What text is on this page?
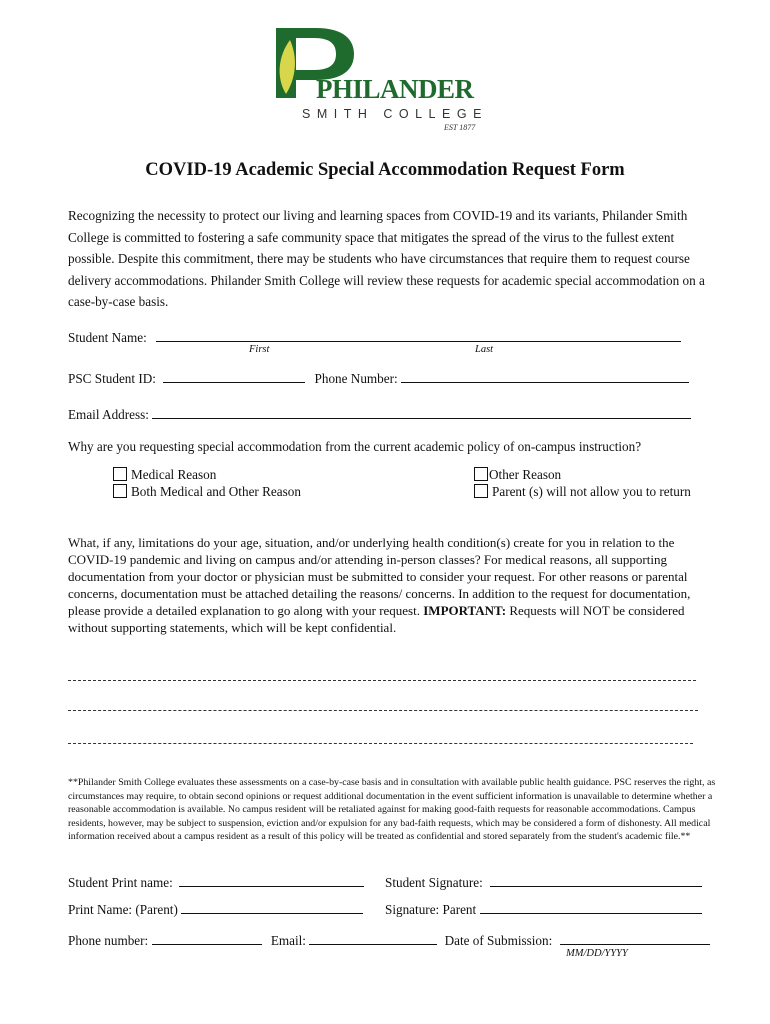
PHILANDER
SMITH COLLEGE
EST 1877
COVID-19 Academic Special Accommodation Request Form
Recognizing the necessity to protect our living and learning spaces from COVID-19 and its variants, Philander Smith College is committed to fostering a safe community space that mitigates the spread of the virus to the fullest extent possible. Despite this commitment, there may be students who have circumstances that require them to request course delivery accommodations. Philander Smith College will review these requests for academic special accommodation on a case-by-case basis.
Student Name:
First	Last
PSC Student ID:	Phone Number:
Email Address:
Why are you requesting special accommodation from the current academic policy of on-campus instruction?
Medical Reason
Both Medical and Other Reason
Other Reason
Parent (s) will not allow you to return
What, if any, limitations do your age, situation, and/or underlying health condition(s) create for you in relation to the COVID-19 pandemic and living on campus and/or attending in-person classes? For medical reasons, all supporting documentation from your doctor or physician must be submitted to consider your request. For other reasons or parental concerns, documentation must be attached detailing the reasons/ concerns. In addition to the request for documentation, please provide a detailed explanation to go along with your request. IMPORTANT: Requests will NOT be considered without supporting statements, which will be kept confidential.
**Philander Smith College evaluates these assessments on a case-by-case basis and in consultation with available public health guidance. PSC reserves the right, as circumstances may require, to obtain second opinions or request additional documentation in the event sufficient information is unavailable to determine whether a reasonable accommodation is available. No campus resident will be retaliated against for making good-faith requests for reasonable accommodations. Campus residents, however, may be subject to suspension, eviction and/or expulsion for any bad-faith requests, which may be considered a form of dishonesty. All medical information received about a campus resident as a result of this policy will be treated as confidential and stored separately from the student's academic file.**
Student Print name:	Student Signature:
Print Name: (Parent)	Signature: Parent
Phone number:	Email:	Date of Submission:
MM/DD/YYYY
